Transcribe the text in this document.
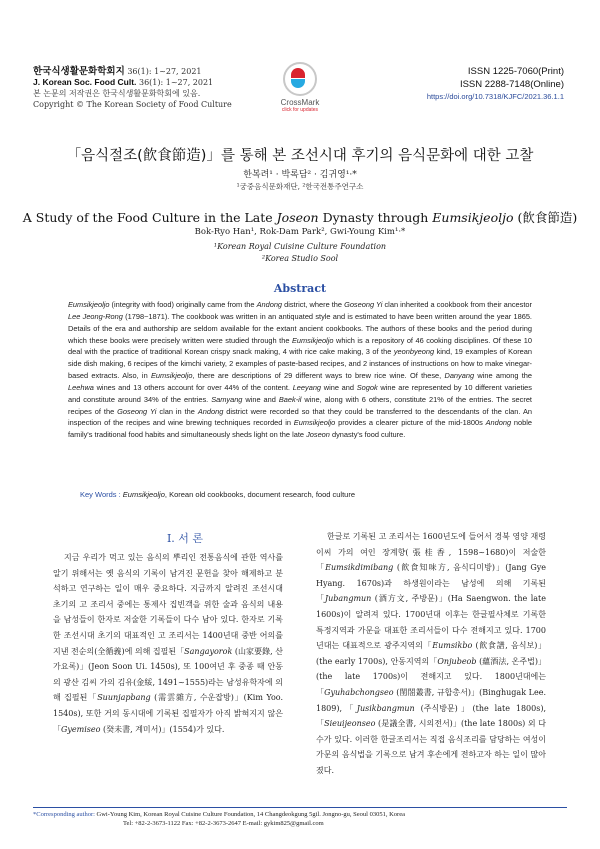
한국식생활문화학회지 36(1): 1~27, 2021
J. Korean Soc. Food Cult. 36(1): 1~27, 2021
본 논문의 저작권은 한국식생활문화학회에 있음.
Copyright © The Korean Society of Food Culture	CrossMark
click for updates
ISSN 1225-7060(Print)
ISSN 2288-7148(Online)
https://doi.org/10.7318/KJFC/2021.36.1.1
「음식절조(飮食節造)」를 통해 본 조선시대 후기의 음식문화에 대한 고찰
한복려¹ · 박록담² · 김귀영¹·*
¹궁중음식문화재단, ²한국전통주연구소
A Study of the Food Culture in the Late Joseon Dynasty through Eumsikjeoljo (飮食節造)
Bok-Ryo Han¹, Rok-Dam Park², Gwi-Young Kim¹·*
¹Korean Royal Cuisine Culture Foundation
²Korea Studio Sool
Abstract
Eumsikjeoljo (integrity with food) originally came from the Andong district, where the Goseong Yi clan inherited a cookbook from their ancestor Lee Jeong-Rong (1798~1871). The cookbook was written in an antiquated style and is estimated to have been written around the year 1865. Details of the era and authorship are seldom available for the extant ancient cookbooks. The authors of these books and the period during which these books were precisely written were studied through the Eumsikjeoljo which is a repository of 46 cooking disciplines. Of these 10 deal with the practice of traditional Korean crispy snack making, 4 with rice cake making, 3 of the yeonbyeong kind, 19 examples of Korean side dish making, 6 recipes of the kimchi variety, 2 examples of paste-based recipes, and 2 instances of instructions on how to make vinegar-based extracts. Also, in Eumsikjeoljo, there are descriptions of 29 different ways to brew rice wine. Of these, Danyang wine among the Leehwa wines and 13 others account for over 44% of the content. Leeyang wine and Sogok wine are represented by 10 different varieties and constitute around 34% of the entries. Samyang wine and Baek-il wine, along with 6 others, constitute 21% of the entries. The secret recipes of the Goseong Yi clan in the Andong district were recorded so that they could be transferred to the descendants of the clan. An inspection of the recipes and wine brewing techniques recorded in Eumsikjeoljo provides a clearer picture of the mid-1800s Andong noble family's traditional food habits and simultaneously sheds light on the late Joseon dynasty's food culture.
Key Words : Eumsikjeoljo, Korean old cookbooks, document research, food culture
I. 서 론

지금 우리가 먹고 있는 음식의 뿌리인 전통음식에 관한 역사를 알기 위해서는 옛 음식의 기록이 남겨진 문헌을 찾아 해제하고 분석하고 연구하는 일이 매우 중요하다. 지금까지 알려진 조선시대 초기의 고 조리서 중에는 통제사 집빈객을 위한 술과 음식의 내용을 남성들이 한자로 저술한 기록들이 다수 남아 있다. 한자로 기록한 조선시대 초기의 대표적인 고 조리서는 1400년대 중반 어의를 지낸 전순의(全循義)에 의해 집필된「Sangayorok (山家要錄, 산가요록)」(Jeon Soon Ui. 1450s), 또 100여년 후 중종 때 안동의 광산 김씨 가의 김유(金綏, 1491~1555)라는 남성유학자에 의해 집필된「Suunjapbang (需雲雜方, 수운잡방)」(Kim Yoo. 1540s), 또한 거의 동시대에 기록된 집필자가 아직 밝혀지지 않은「Gyemiseo (癸未書, 계미서)」(1554)가 있다.

한글로 기록된 고 조리서는 1600년도에 들어서 경북 영양 재령이씨 가의 여인 장계향(張桂香, 1598~1680)이 저술한「Eumsikdimibang (飮食知味方, 음식디미방)」(Jang Gye Hyang. 1670s)과 하생원이라는 남성에 의해 기록된「Jubangmun (酒方文, 주방문)」(Ha Saengwon. the late 1600s)이 알려져 있다. 1700년대 이후는 한글필사체로 기록한 특정지역과 가문을 대표한 조리서들이 다수 전해지고 있다. 1700년대는 대표적으로 광주지역의「Eumsikbo (飮食譜, 음식보)」(the early 1700s), 안동지역의「Onjubeob (蘊酒法, 온주법)」(the late 1700s)이 전해지고 있다. 1800년대에는「Gyuhabchongseo (閨閤叢書, 규합총서)」(Binghugak Lee. 1809),「Jusikbangmun (주식방문)」(the late 1800s),「Sieuijeonseo (是議全書, 시의전서)」(the late 1800s) 외 다수가 있다. 이러한 한글조리서는 직접 음식조리를 담당하는 여성이 가문의 음식법을 기록으로 남겨 후손에게 전하고자 하는 일이 많아졌다.

*Corresponding author: Gwi-Young Kim, Korean Royal Cuisine Culture Foundation, 14 Changdeokgung 5gil. Jongno-gu, Seoul 03051, Korea
Tel: +82-2-3673-1122 Fax: +82-2-3673-2647 E-mail: gykim825@gmail.com
